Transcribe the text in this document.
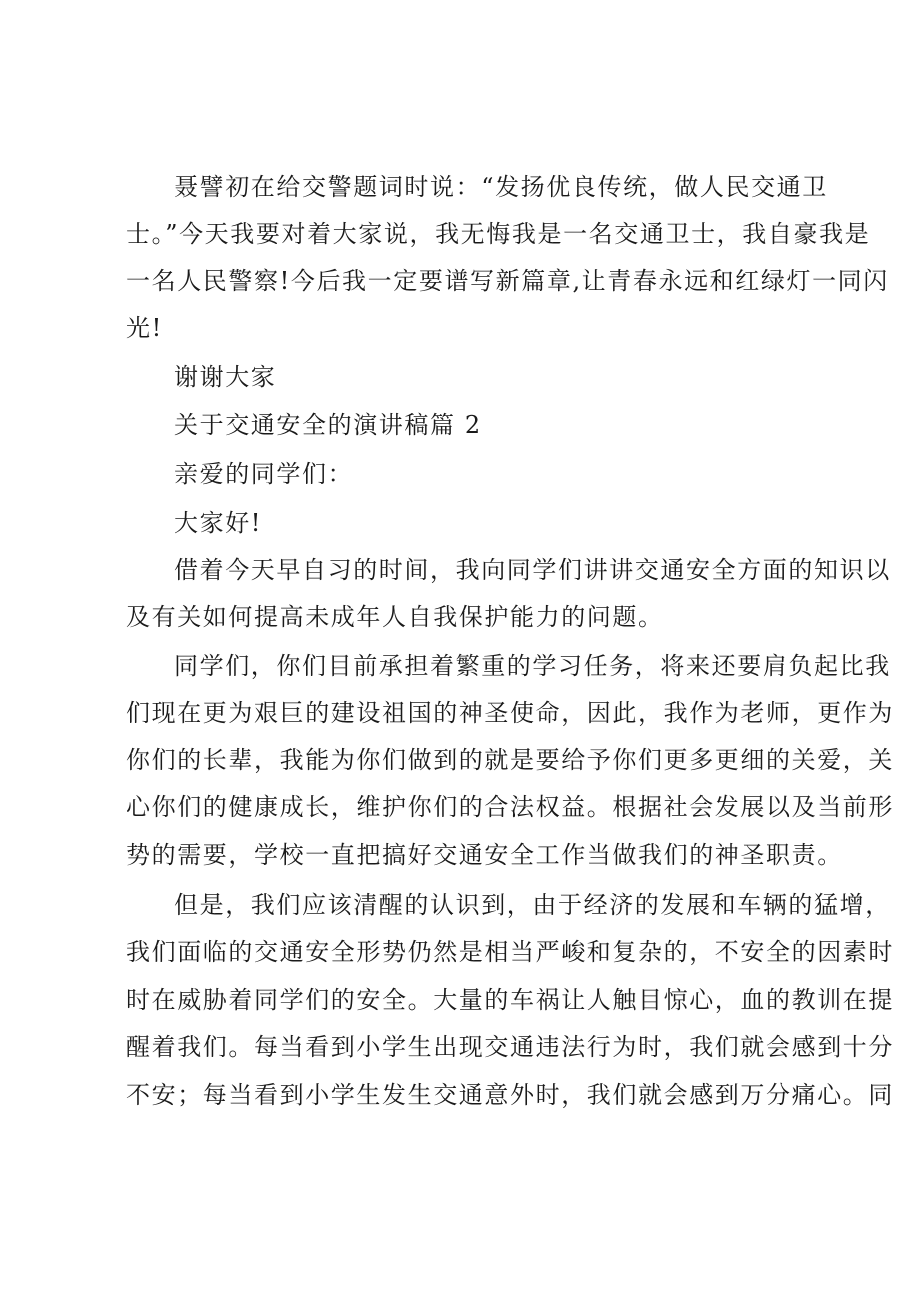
聂譬初在给交警题词时说：“发扬优良传统，做人民交通卫
士。”今天我要对着大家说，我无悔我是一名交通卫士，我自豪我是
一名人民警察!今后我一定要谱写新篇章,让青春永远和红绿灯一同闪
光!
谢谢大家
关于交通安全的演讲稿篇 2
亲爱的同学们：
大家好!
借着今天早自习的时间，我向同学们讲讲交通安全方面的知识以
及有关如何提高未成年人自我保护能力的问题。
同学们，你们目前承担着繁重的学习任务，将来还要肩负起比我
们现在更为艰巨的建设祖国的神圣使命，因此，我作为老师，更作为
你们的长辈，我能为你们做到的就是要给予你们更多更细的关爱，关
心你们的健康成长，维护你们的合法权益。根据社会发展以及当前形
势的需要，学校一直把搞好交通安全工作当做我们的神圣职责。
但是，我们应该清醒的认识到，由于经济的发展和车辆的猛增，
我们面临的交通安全形势仍然是相当严峻和复杂的，不安全的因素时
时在威胁着同学们的安全。大量的车祸让人触目惊心，血的教训在提
醒着我们。每当看到小学生出现交通违法行为时，我们就会感到十分
不安；每当看到小学生发生交通意外时，我们就会感到万分痛心。同
